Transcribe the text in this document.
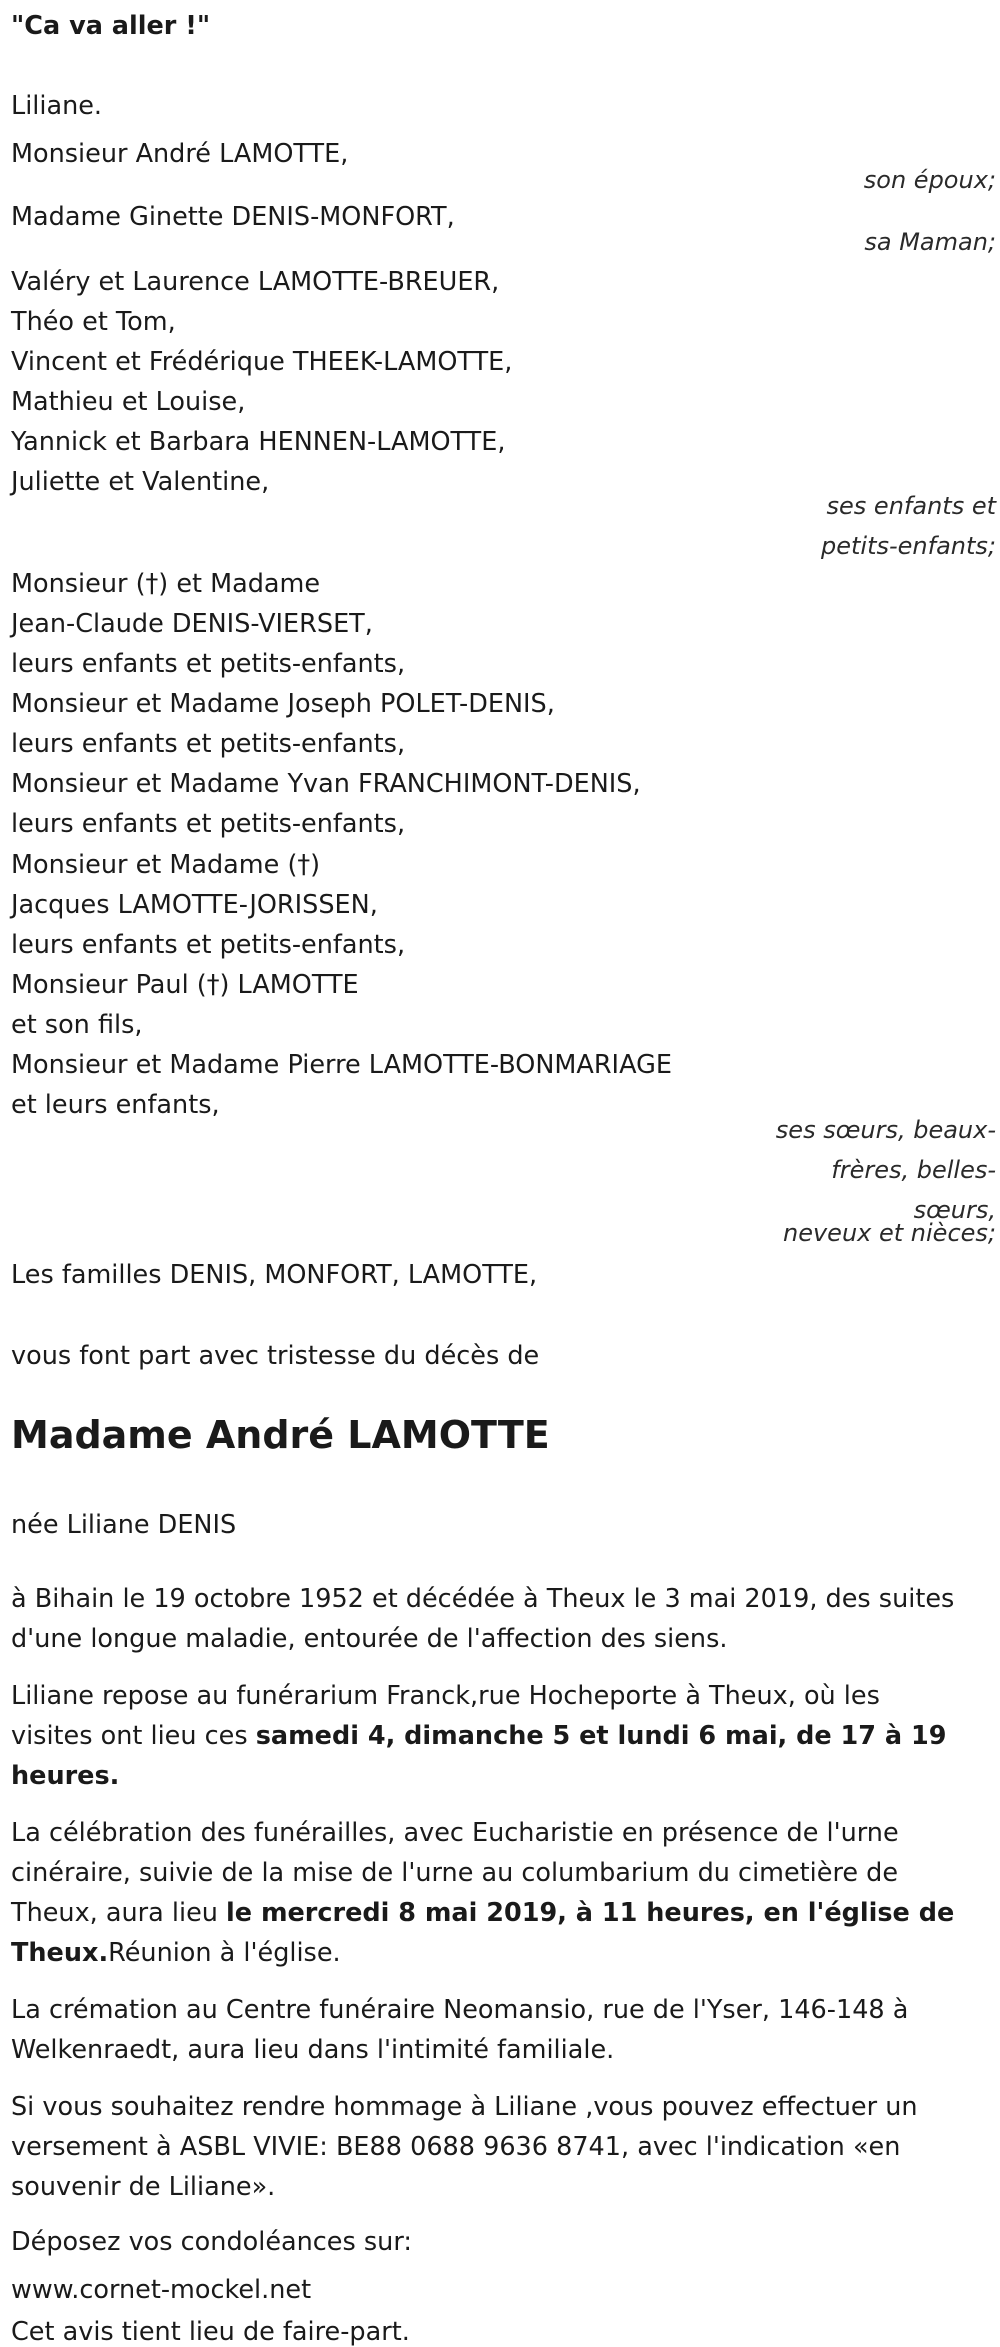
"Ca va aller !"
Liliane.
Monsieur André LAMOTTE,
Madame Ginette DENIS-MONFORT,
Valéry et Laurence LAMOTTE-BREUER,
Théo et Tom,
Vincent et Frédérique THEEK-LAMOTTE,
Mathieu et Louise,
Yannick et Barbara HENNEN-LAMOTTE,
Juliette et Valentine,
Monsieur (†) et Madame
Jean-Claude DENIS-VIERSET,
leurs enfants et petits-enfants,
Monsieur et Madame Joseph POLET-DENIS,
leurs enfants et petits-enfants,
Monsieur et Madame Yvan FRANCHIMONT-DENIS,
leurs enfants et petits-enfants,
Monsieur et Madame (†)
Jacques LAMOTTE-JORISSEN,
leurs enfants et petits-enfants,
Monsieur Paul (†) LAMOTTE
et son fils,
Monsieur et Madame Pierre LAMOTTE-BONMARIAGE
et leurs enfants,
Les familles DENIS, MONFORT, LAMOTTE,
vous font part avec tristesse du décès de
son époux;
sa Maman;
ses enfants et
petits-enfants;
ses sœurs, beaux-
frères, belles-
sœurs,
neveux et nièces;
Madame André LAMOTTE
née Liliane DENIS
à Bihain le 19 octobre 1952 et décédée à Theux le 3 mai 2019, des suites
d'une longue maladie, entourée de l'affection des siens.
Liliane repose au funérarium Franck,rue Hocheporte à Theux, où les
visites ont lieu ces samedi 4, dimanche 5 et lundi 6 mai, de 17 à 19
heures.
La célébration des funérailles, avec Eucharistie en présence de l'urne
cinéraire, suivie de la mise de l'urne au columbarium du cimetière de
Theux, aura lieu le mercredi 8 mai 2019, à 11 heures, en l'église de
Theux.Réunion à l'église.
La crémation au Centre funéraire Neomansio, rue de l'Yser, 146-148 à
Welkenraedt, aura lieu dans l'intimité familiale.
Si vous souhaitez rendre hommage à Liliane ,vous pouvez effectuer un
versement à ASBL VIVIE: BE88 0688 9636 8741, avec l'indication «en
souvenir de Liliane».
Déposez vos condoléances sur:
www.cornet-mockel.net
Cet avis tient lieu de faire-part.
